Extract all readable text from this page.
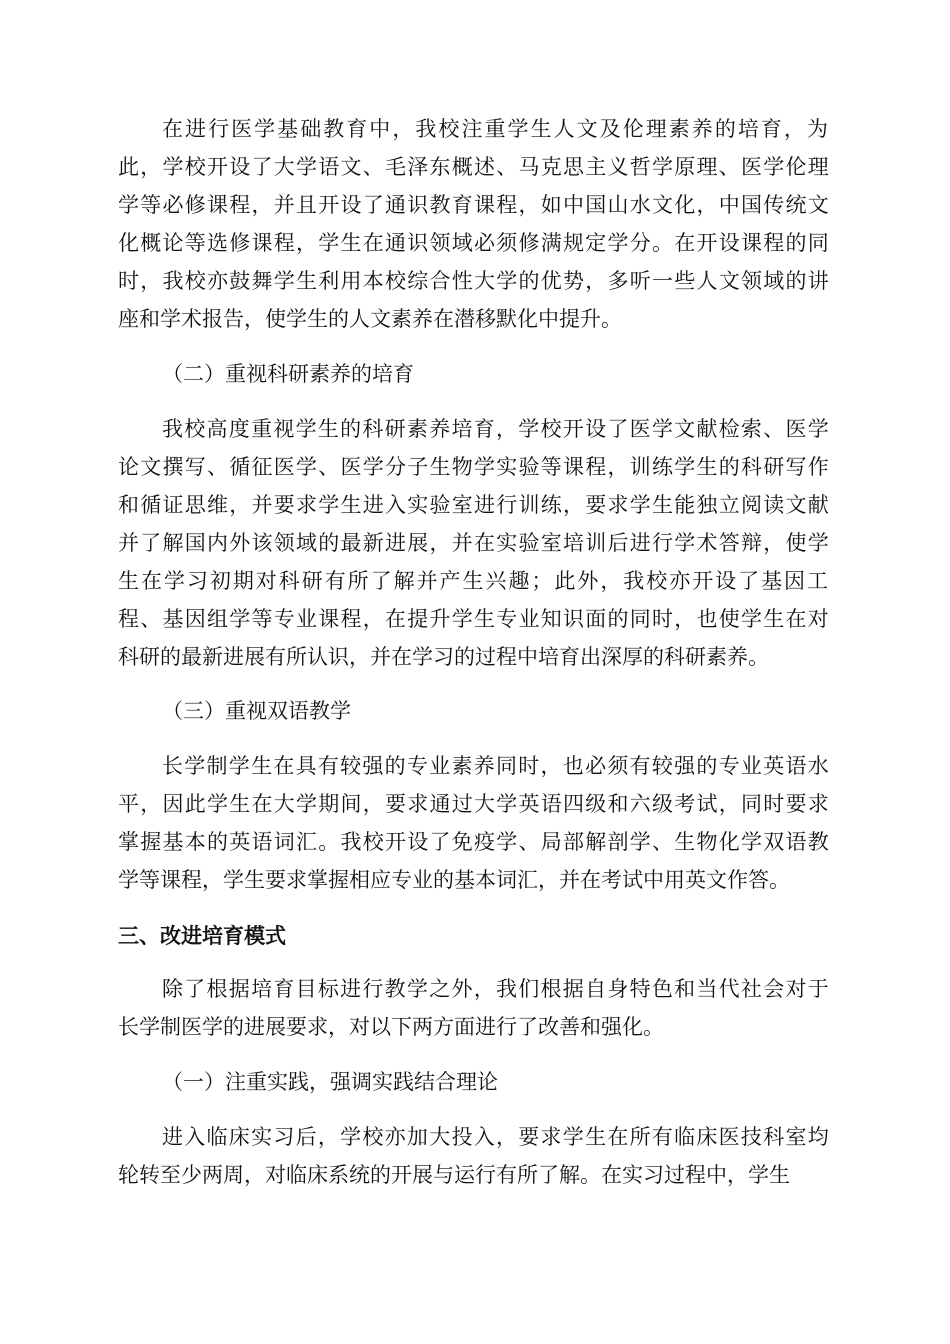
在进行医学基础教育中，我校注重学生人文及伦理素养的培育，为
此，学校开设了大学语文、毛泽东概述、马克思主义哲学原理、医学伦理
学等必修课程，并且开设了通识教育课程，如中国山水文化，中国传统文
化概论等选修课程，学生在通识领域必须修满规定学分。在开设课程的同
时，我校亦鼓舞学生利用本校综合性大学的优势，多听一些人文领域的讲
座和学术报告，使学生的人文素养在潜移默化中提升。
（二）重视科研素养的培育
我校高度重视学生的科研素养培育，学校开设了医学文献检索、医学
论文撰写、循征医学、医学分子生物学实验等课程，训练学生的科研写作
和循证思维，并要求学生进入实验室进行训练，要求学生能独立阅读文献
并了解国内外该领域的最新进展，并在实验室培训后进行学术答辩，使学
生在学习初期对科研有所了解并产生兴趣；此外，我校亦开设了基因工
程、基因组学等专业课程，在提升学生专业知识面的同时，也使学生在对
科研的最新进展有所认识，并在学习的过程中培育出深厚的科研素养。
（三）重视双语教学
长学制学生在具有较强的专业素养同时，也必须有较强的专业英语水
平，因此学生在大学期间，要求通过大学英语四级和六级考试，同时要求
掌握基本的英语词汇。我校开设了免疫学、局部解剖学、生物化学双语教
学等课程，学生要求掌握相应专业的基本词汇，并在考试中用英文作答。
三、改进培育模式
除了根据培育目标进行教学之外，我们根据自身特色和当代社会对于
长学制医学的进展要求，对以下两方面进行了改善和强化。
（一）注重实践，强调实践结合理论
进入临床实习后，学校亦加大投入，要求学生在所有临床医技科室均
轮转至少两周，对临床系统的开展与运行有所了解。在实习过程中，学生
